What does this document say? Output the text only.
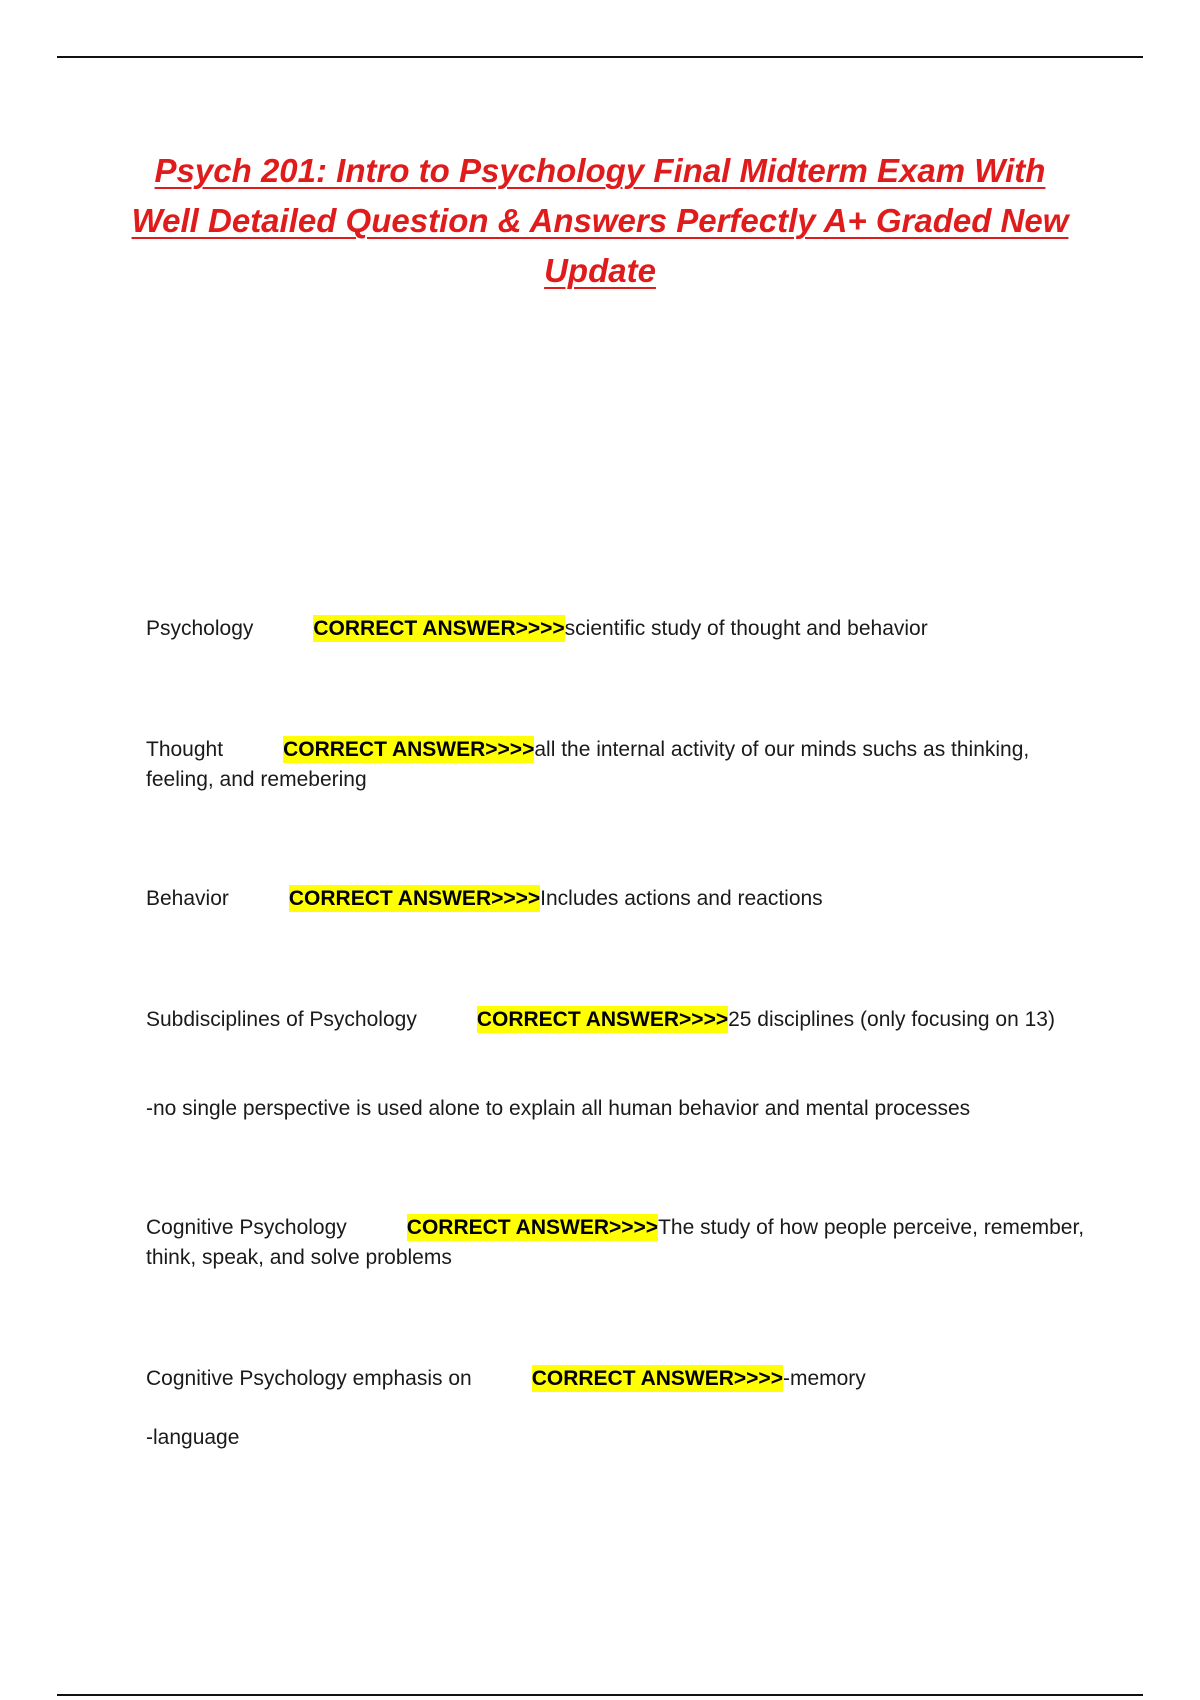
Psych 201: Intro to Psychology Final Midterm Exam With Well Detailed Question & Answers Perfectly A+ Graded New Update

Psychology	CORRECT ANSWER>>>>scientific study of thought and behavior

Thought	CORRECT ANSWER>>>>all the internal activity of our minds suchs as thinking, feeling, and remebering

Behavior	CORRECT ANSWER>>>>Includes actions and reactions

Subdisciplines of Psychology	CORRECT ANSWER>>>>25 disciplines (only focusing on 13)

-no single perspective is used alone to explain all human behavior and mental processes

Cognitive Psychology	CORRECT ANSWER>>>>The study of how people perceive, remember, think, speak, and solve problems

Cognitive Psychology emphasis on	CORRECT ANSWER>>>>-memory

-language
